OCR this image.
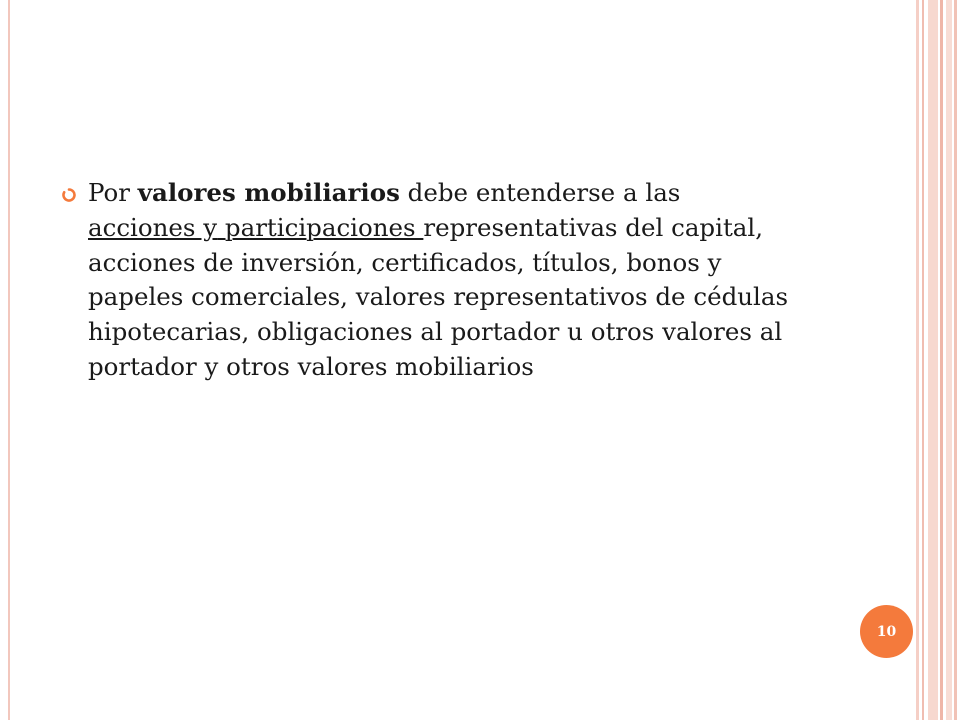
Por valores mobiliarios debe entenderse a las acciones y participaciones representativas del capital, acciones de inversión, certificados, títulos, bonos y papeles comerciales, valores representativos de cédulas hipotecarias, obligaciones al portador u otros valores al portador y otros valores mobiliarios

10
